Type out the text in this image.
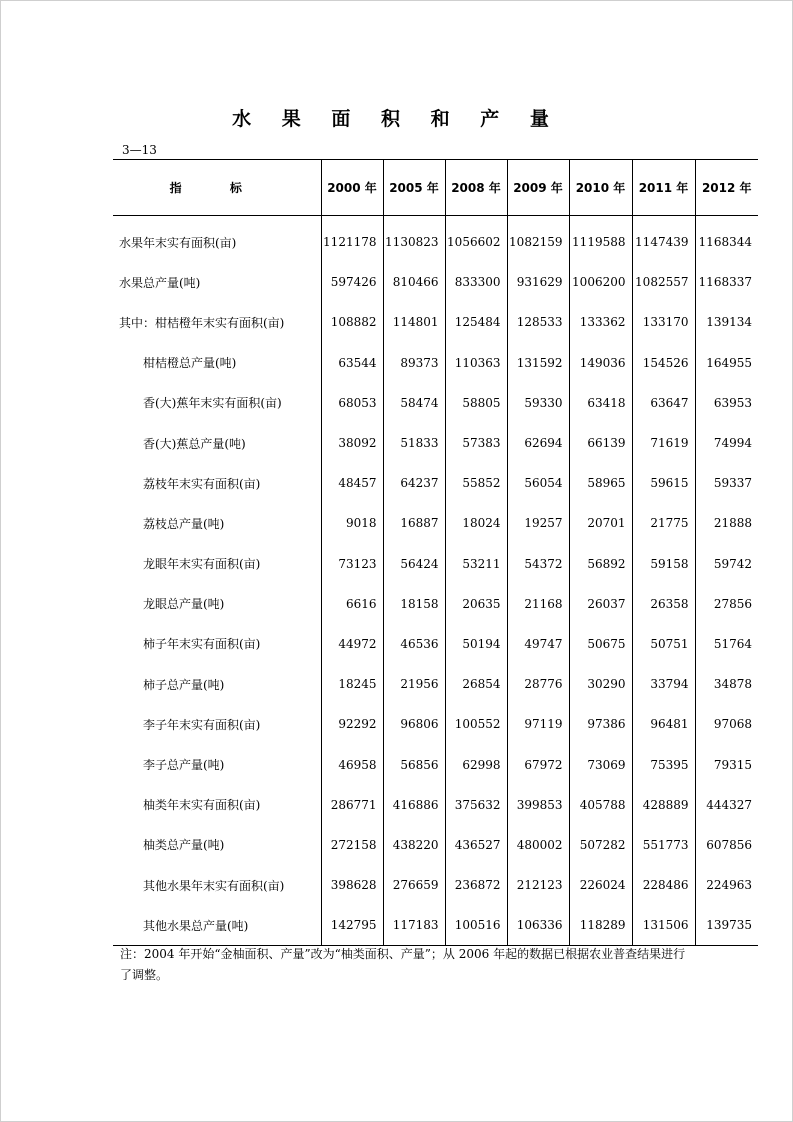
水 果 面 积 和 产 量
3—13
指 标	2000 年	2005 年	2008 年	2009 年	2010 年	2011 年	2012 年
水果年末实有面积(亩)	1121178	1130823	1056602	1082159	1119588	1147439	1168344
水果总产量(吨)	597426	810466	833300	931629	1006200	1082557	1168337
其中：柑桔橙年末实有面积(亩)	108882	114801	125484	128533	133362	133170	139134
柑桔橙总产量(吨)	63544	89373	110363	131592	149036	154526	164955
香(大)蕉年末实有面积(亩)	68053	58474	58805	59330	63418	63647	63953
香(大)蕉总产量(吨)	38092	51833	57383	62694	66139	71619	74994
荔枝年末实有面积(亩)	48457	64237	55852	56054	58965	59615	59337
荔枝总产量(吨)	9018	16887	18024	19257	20701	21775	21888
龙眼年末实有面积(亩)	73123	56424	53211	54372	56892	59158	59742
龙眼总产量(吨)	6616	18158	20635	21168	26037	26358	27856
柿子年末实有面积(亩)	44972	46536	50194	49747	50675	50751	51764
柿子总产量(吨)	18245	21956	26854	28776	30290	33794	34878
李子年末实有面积(亩)	92292	96806	100552	97119	97386	96481	97068
李子总产量(吨)	46958	56856	62998	67972	73069	75395	79315
柚类年末实有面积(亩)	286771	416886	375632	399853	405788	428889	444327
柚类总产量(吨)	272158	438220	436527	480002	507282	551773	607856
其他水果年末实有面积(亩)	398628	276659	236872	212123	226024	228486	224963
其他水果总产量(吨)	142795	117183	100516	106336	118289	131506	139735
注：2004 年开始“金柚面积、产量”改为“柚类面积、产量”；从 2006 年起的数据已根据农业普查结果进行了调整。
